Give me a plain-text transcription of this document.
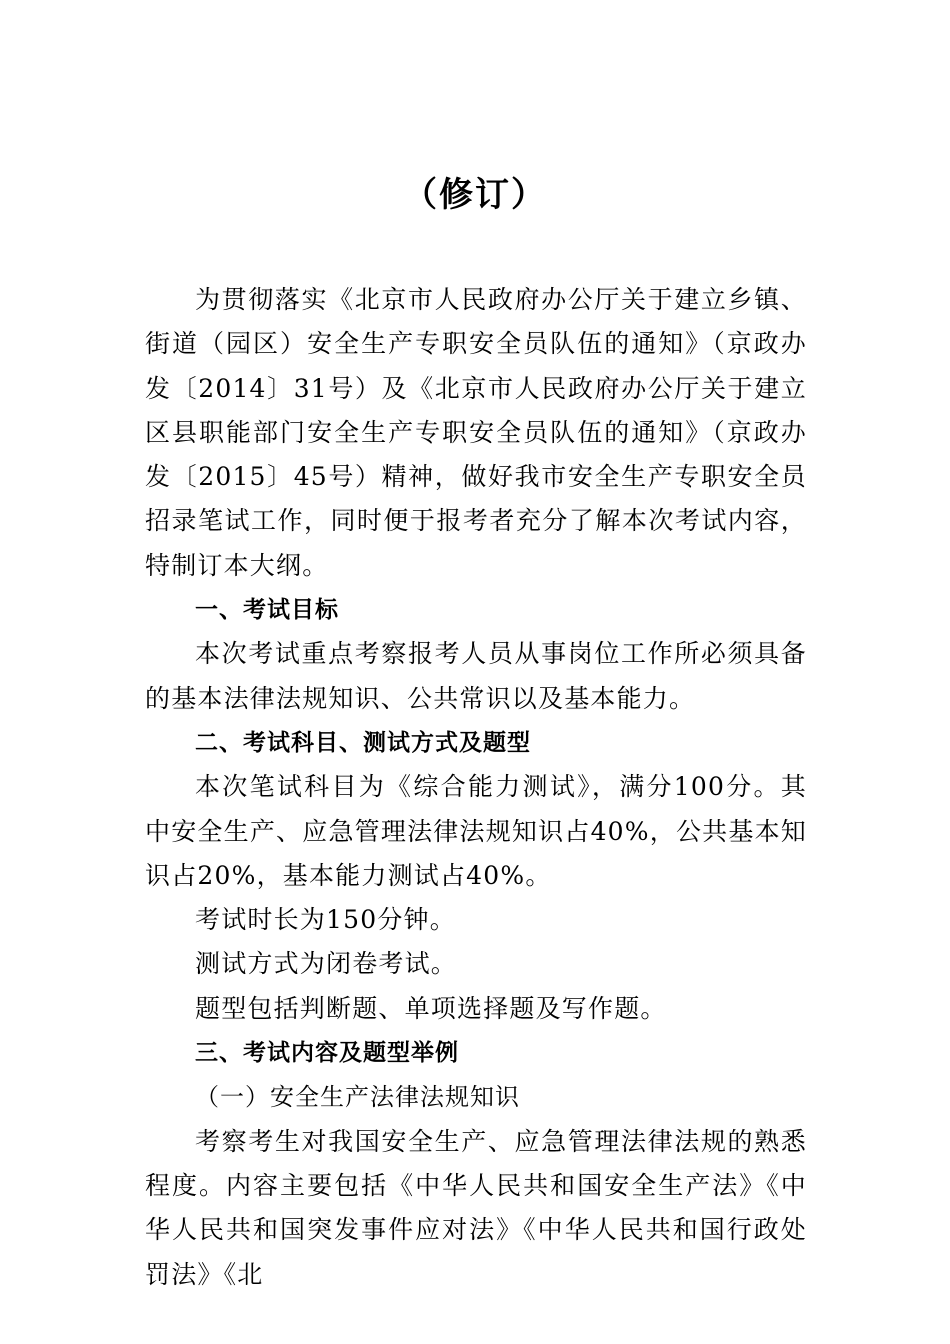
（修订）

为贯彻落实《北京市人民政府办公厅关于建立乡镇、街道（园区）安全生产专职安全员队伍的通知》（京政办发〔2014〕31号）及《北京市人民政府办公厅关于建立区县职能部门安全生产专职安全员队伍的通知》（京政办发〔2015〕45号）精神，做好我市安全生产专职安全员招录笔试工作，同时便于报考者充分了解本次考试内容，特制订本大纲。

一、考试目标

本次考试重点考察报考人员从事岗位工作所必须具备的基本法律法规知识、公共常识以及基本能力。

二、考试科目、测试方式及题型

本次笔试科目为《综合能力测试》，满分100分。其中安全生产、应急管理法律法规知识占40%，公共基本知识占20%，基本能力测试占40%。

考试时长为150分钟。

测试方式为闭卷考试。

题型包括判断题、单项选择题及写作题。

三、考试内容及题型举例

（一）安全生产法律法规知识

考察考生对我国安全生产、应急管理法律法规的熟悉程度。内容主要包括《中华人民共和国安全生产法》《中华人民共和国突发事件应对法》《中华人民共和国行政处罚法》《北
